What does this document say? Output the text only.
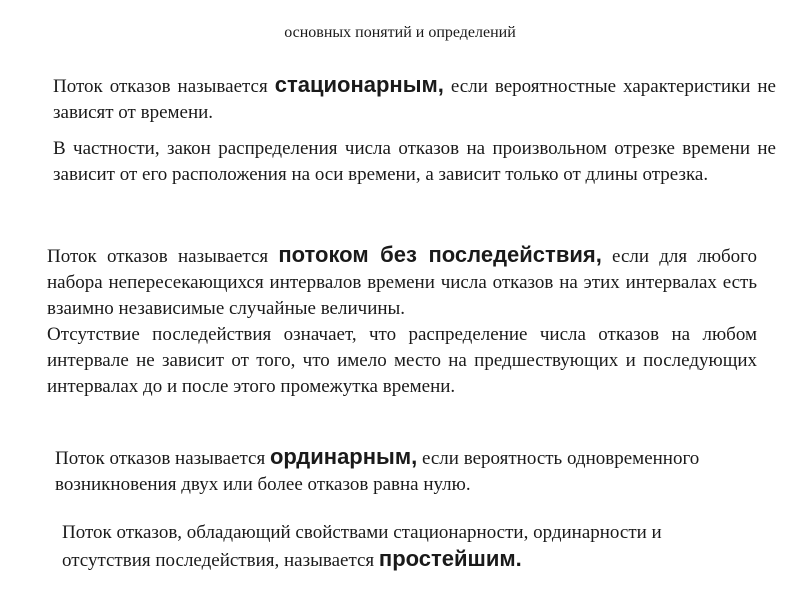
основных понятий и определений
Поток отказов называется стационарным, если вероятностные характеристики не зависят от времени.
В частности, закон распределения числа отказов на произвольном отрезке времени не зависит от его расположения на оси времени, а зависит только от длины отрезка.
Поток отказов называется потоком без последействия, если для любого набора непересекающихся интервалов времени числа отказов на этих интервалах есть взаимно независимые случайные величины.
Отсутствие последействия означает, что распределение числа отказов на любом интервале не зависит от того, что имело место на предшествующих и последующих интервалах до и после этого промежутка времени.
Поток отказов называется ординарным, если вероятность одновременного возникновения двух или более отказов равна нулю.
Поток отказов, обладающий свойствами стационарности, ординарности и отсутствия последействия, называется простейшим.
